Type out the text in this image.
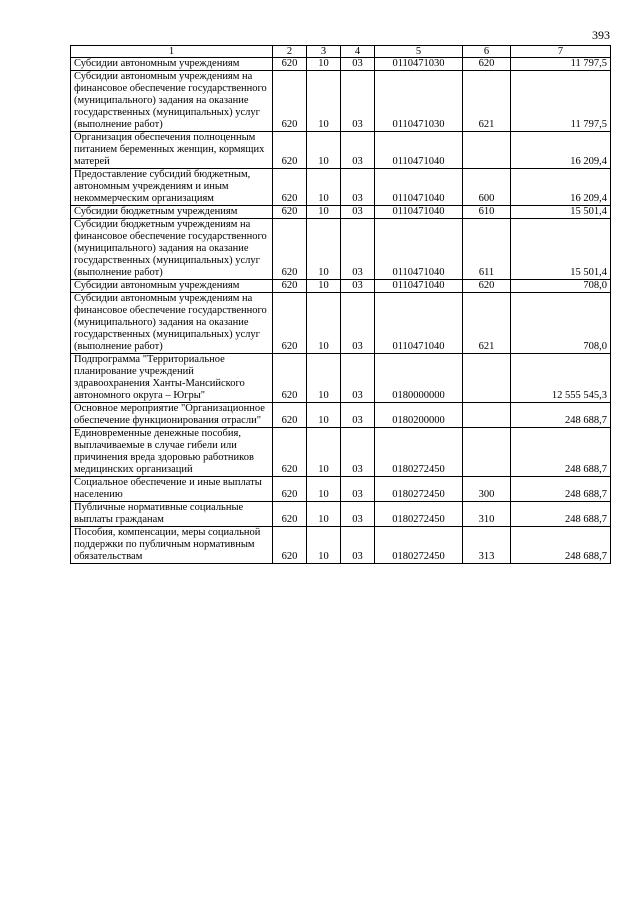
393
1	2	3	4	5	6	7
Субсидии автономным учреждениям	620	10	03	0110471030	620	11 797,5
Субсидии автономным учреждениям на финансовое обеспечение государственного (муниципального) задания на оказание государственных (муниципальных) услуг (выполнение работ)	620	10	03	0110471030	621	11 797,5
Организация обеспечения полноценным питанием беременных женщин, кормящих матерей	620	10	03	0110471040		16 209,4
Предоставление субсидий бюджетным, автономным учреждениям и иным некоммерческим организациям	620	10	03	0110471040	600	16 209,4
Субсидии бюджетным учреждениям	620	10	03	0110471040	610	15 501,4
Субсидии бюджетным учреждениям на финансовое обеспечение государственного (муниципального) задания на оказание государственных (муниципальных) услуг (выполнение работ)	620	10	03	0110471040	611	15 501,4
Субсидии автономным учреждениям	620	10	03	0110471040	620	708,0
Субсидии автономным учреждениям на финансовое обеспечение государственного (муниципального) задания на оказание государственных (муниципальных) услуг (выполнение работ)	620	10	03	0110471040	621	708,0
Подпрограмма "Территориальное планирование учреждений здравоохранения Ханты-Мансийского автономного округа – Югры"	620	10	03	0180000000		12 555 545,3
Основное мероприятие "Организационное обеспечение функционирования отрасли"	620	10	03	0180200000		248 688,7
Единовременные денежные пособия, выплачиваемые в случае гибели или причинения вреда здоровью работников медицинских организаций	620	10	03	0180272450		248 688,7
Социальное обеспечение и иные выплаты населению	620	10	03	0180272450	300	248 688,7
Публичные нормативные социальные выплаты гражданам	620	10	03	0180272450	310	248 688,7
Пособия, компенсации, меры социальной поддержки по публичным нормативным обязательствам	620	10	03	0180272450	313	248 688,7
